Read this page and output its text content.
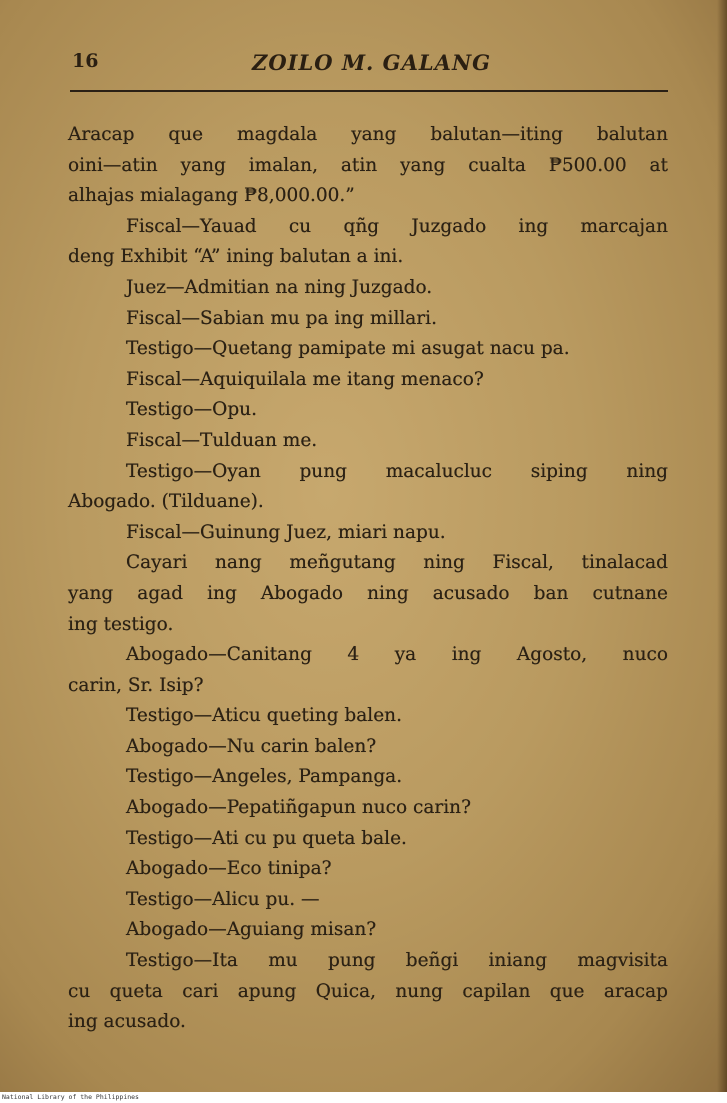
16	ZOILO M. GALANG

Aracap que magdala yang balutan—iting balutan

oini—atin yang imalan, atin yang cualta ₱500.00 at

alhajas mialagang ₱8,000.00.”

Fiscal—Yauad cu qñg Juzgado ing marcajan

deng Exhibit “A” ining balutan a ini.

Juez—Admitian na ning Juzgado.

Fiscal—Sabian mu pa ing millari.

Testigo—Quetang pamipate mi asugat nacu pa.

Fiscal—Aquiquilala me itang menaco?

Testigo—Opu.

Fiscal—Tulduan me.

Testigo—Oyan pung macalucluc siping ning

Abogado. (Tilduane).

Fiscal—Guinung Juez, miari napu.

Cayari nang meñgutang ning Fiscal, tinalacad

yang agad ing Abogado ning acusado ban cutnane

ing testigo.

Abogado—Canitang 4 ya ing Agosto, nuco

carin, Sr. Isip?

Testigo—Aticu queting balen.

Abogado—Nu carin balen?

Testigo—Angeles, Pampanga.

Abogado—Pepatiñgapun nuco carin?

Testigo—Ati cu pu queta bale.

Abogado—Eco tinipa?

Testigo—Alicu pu. —

Abogado—Aguiang misan?

Testigo—Ita mu pung beñgi iniang magvisita

cu queta cari apung Quica, nung capilan que aracap

ing acusado.

National Library of the Philippines
